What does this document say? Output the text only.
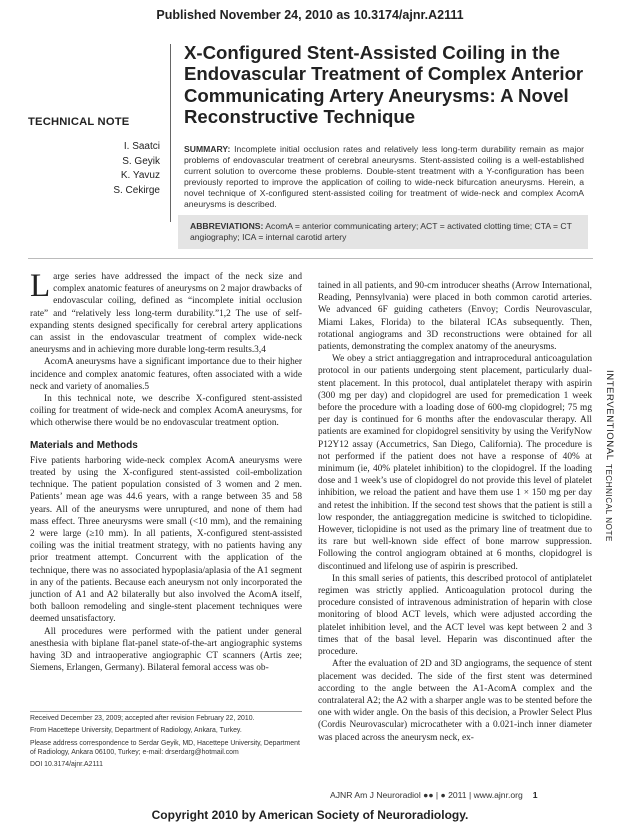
Published November 24, 2010 as 10.3174/ajnr.A2111
TECHNICAL NOTE
X-Configured Stent-Assisted Coiling in the Endovascular Treatment of Complex Anterior Communicating Artery Aneurysms: A Novel Reconstructive Technique
I. Saatci
S. Geyik
K. Yavuz
S. Cekirge
SUMMARY: Incomplete initial occlusion rates and relatively less long-term durability remain as major problems of endovascular treatment of cerebral aneurysms. Stent-assisted coiling is a well-established current solution to overcome these problems. Double-stent treatment with a Y-configuration has been previously reported to improve the application of coiling to wide-neck bifurcation aneurysms. Herein, a novel technique of X-configured stent-assisted coiling for treatment of wide-neck and complex AcomA aneurysms is described.
ABBREVIATIONS: AcomA = anterior communicating artery; ACT = activated clotting time; CTA = CT angiography; ICA = internal carotid artery

Large series have addressed the impact of the neck size and complex anatomic features of aneurysms on 2 major drawbacks of endovascular coiling, defined as “incomplete initial occlusion rate” and “relatively less long-term durability.”1,2 The use of self-expanding stents designed specifically for cerebral artery applications can assist in the endovascular treatment of complex wide-neck aneurysms and in achieving more durable long-term results.3,4

AcomA aneurysms have a significant importance due to their higher incidence and complex anatomic features, often associated with a wide neck and variety of anomalies.5

In this technical note, we describe X-configured stent-assisted coiling for treatment of wide-neck and complex AcomA aneurysms, for which otherwise there would be no endovascular treatment option.

Materials and Methods

Five patients harboring wide-neck complex AcomA aneurysms were treated by using the X-configured stent-assisted coil-embolization technique. The patient population consisted of 3 women and 2 men. Patients’ mean age was 44.6 years, with a range between 35 and 58 years. All of the aneurysms were unruptured, and none of them had mass effect. Three aneurysms were small (<10 mm), and the remaining 2 were large (≥10 mm). In all patients, X-configured stent-assisted coiling was the initial treatment strategy, with no patients having any prior treatment attempt. Concurrent with the application of the technique, there was no associated hypoplasia/aplasia of the A1 segment in any of the patients. Because each aneurysm not only incorporated the junction of A1 and A2 bilaterally but also involved the AcomA itself, both balloon remodeling and single-stent placement techniques were deemed unsatisfactory.

All procedures were performed with the patient under general anesthesia with biplane flat-panel state-of-the-art angiographic systems having 3D and intraoperative angiographic CT scanners (Artis zee; Siemens, Erlangen, Germany). Bilateral femoral access was ob-

Received December 23, 2009; accepted after revision February 22, 2010.

From Hacettepe University, Department of Radiology, Ankara, Turkey.

Please address correspondence to Serdar Geyik, MD, Hacettepe University, Department of Radiology, Ankara 06100, Turkey; e-mail: drserdarg@hotmail.com

DOI 10.3174/ajnr.A2111

tained in all patients, and 90-cm introducer sheaths (Arrow International, Reading, Pennsylvania) were placed in both common carotid arteries. We advanced 6F guiding catheters (Envoy; Cordis Neurovascular, Miami Lakes, Florida) to the bilateral ICAs subsequently. Then, rotational angiograms and 3D reconstructions were obtained for all patients, demonstrating the complex anatomy of the aneurysms.

We obey a strict antiaggregation and intraprocedural anticoagulation protocol in our patients undergoing stent placement, particularly dual-stent placement. In this protocol, dual antiplatelet therapy with aspirin (300 mg per day) and clopidogrel are used for premedication 1 week before the procedure with a loading dose of 600-mg clopidogrel; 75 mg per day is continued for 6 months after the endovascular therapy. All patients are examined for clopidogrel sensitivity by using the VerifyNow P12Y12 assay (Accumetrics, San Diego, California). The procedure is not performed if the patient does not have a response of 40% at minimum (ie, 40% platelet inhibition) to the clopidogrel. If the loading dose and 1 week’s use of clopidogrel do not provide this level of platelet inhibition, we reload the patient and have them use 1 × 150 mg per day and retest the inhibition. If the second test shows that the patient is still a low responder, the antiaggregation medicine is switched to ticlopidine. However, ticlopidine is not used as the primary line of treatment due to its rare but well-known side effect of bone marrow suppression. Following the control angiogram obtained at 6 months, clopidogrel is discontinued and lifelong use of aspirin is prescribed.

In this small series of patients, this described protocol of antiplatelet regimen was strictly applied. Anticoagulation protocol during the procedure consisted of intravenous administration of heparin with close monitoring of blood ACT levels, which were adjusted according the platelet inhibition level, and the ACT level was kept between 2 and 3 times that of the basal level. Heparin was discontinued after the procedure.

After the evaluation of 2D and 3D angiograms, the sequence of stent placement was decided. The side of the first stent was determined according to the angle between the A1-AcomA complex and the contralateral A2; the A2 with a sharper angle was to be stented before the one with wider angle. On the basis of this decision, a Prowler Select Plus (Cordis Neurovascular) microcatheter with a 0.021-inch inner diameter was placed across the aneurysm neck, ex-

INTERVENTIONAL
TECHNICAL NOTE
AJNR Am J Neuroradiol ●● | ● 2011 | www.ajnr.org 1
Copyright 2010 by American Society of Neuroradiology.
